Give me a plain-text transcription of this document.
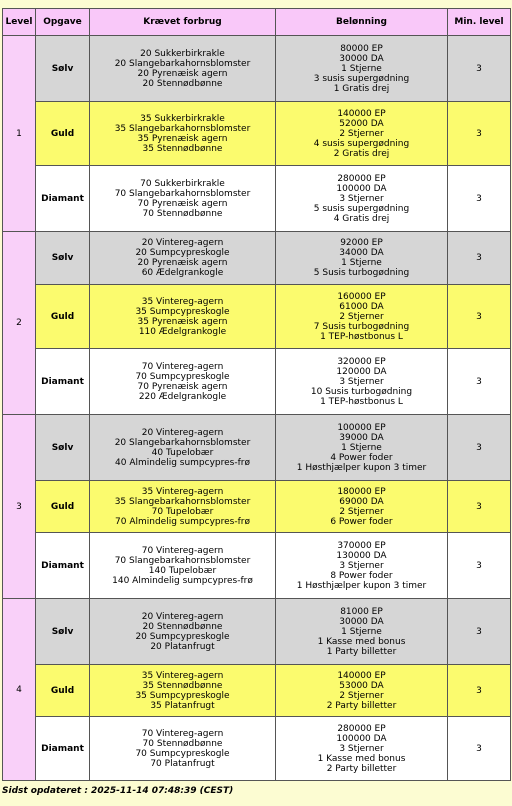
Level	Opgave	Krævet forbrug	Belønning	Min. level
1	Sølv	20 Sukkerbirkrakle
20 Slangebarkahornsblomster
20 Pyrenæisk agern
20 Stennødbønne	80000 EP
30000 DA
1 Stjerne
3 susis supergødning
1 Gratis drej	3
	Guld	35 Sukkerbirkrakle
35 Slangebarkahornsblomster
35 Pyrenæisk agern
35 Stennødbønne	140000 EP
52000 DA
2 Stjerner
4 susis supergødning
2 Gratis drej	3
	Diamant	70 Sukkerbirkrakle
70 Slangebarkahornsblomster
70 Pyrenæisk agern
70 Stennødbønne	280000 EP
100000 DA
3 Stjerner
5 susis supergødning
4 Gratis drej	3
2	Sølv	20 Vintereg-agern
20 Sumpcypreskogle
20 Pyrenæisk agern
60 Ædelgrankogle	92000 EP
34000 DA
1 Stjerne
5 Susis turbogødning	3
	Guld	35 Vintereg-agern
35 Sumpcypreskogle
35 Pyrenæisk agern
110 Ædelgrankogle	160000 EP
61000 DA
2 Stjerner
7 Susis turbogødning
1 TEP-høstbonus L	3
	Diamant	70 Vintereg-agern
70 Sumpcypreskogle
70 Pyrenæisk agern
220 Ædelgrankogle	320000 EP
120000 DA
3 Stjerner
10 Susis turbogødning
1 TEP-høstbonus L	3
3	Sølv	20 Vintereg-agern
20 Slangebarkahornsblomster
40 Tupelobær
40 Almindelig sumpcypres-frø	100000 EP
39000 DA
1 Stjerne
4 Power foder
1 Høsthjælper kupon 3 timer	3
	Guld	35 Vintereg-agern
35 Slangebarkahornsblomster
70 Tupelobær
70 Almindelig sumpcypres-frø	180000 EP
69000 DA
2 Stjerner
6 Power foder	3
	Diamant	70 Vintereg-agern
70 Slangebarkahornsblomster
140 Tupelobær
140 Almindelig sumpcypres-frø	370000 EP
130000 DA
3 Stjerner
8 Power foder
1 Høsthjælper kupon 3 timer	3
4	Sølv	20 Vintereg-agern
20 Stennødbønne
20 Sumpcypreskogle
20 Platanfrugt	81000 EP
30000 DA
1 Stjerne
1 Kasse med bonus
1 Party billetter	3
	Guld	35 Vintereg-agern
35 Stennødbønne
35 Sumpcypreskogle
35 Platanfrugt	140000 EP
53000 DA
2 Stjerner
2 Party billetter	3
	Diamant	70 Vintereg-agern
70 Stennødbønne
70 Sumpcypreskogle
70 Platanfrugt	280000 EP
100000 DA
3 Stjerner
1 Kasse med bonus
2 Party billetter	3
Sidst opdateret : 2025-11-14 07:48:39 (CEST)
